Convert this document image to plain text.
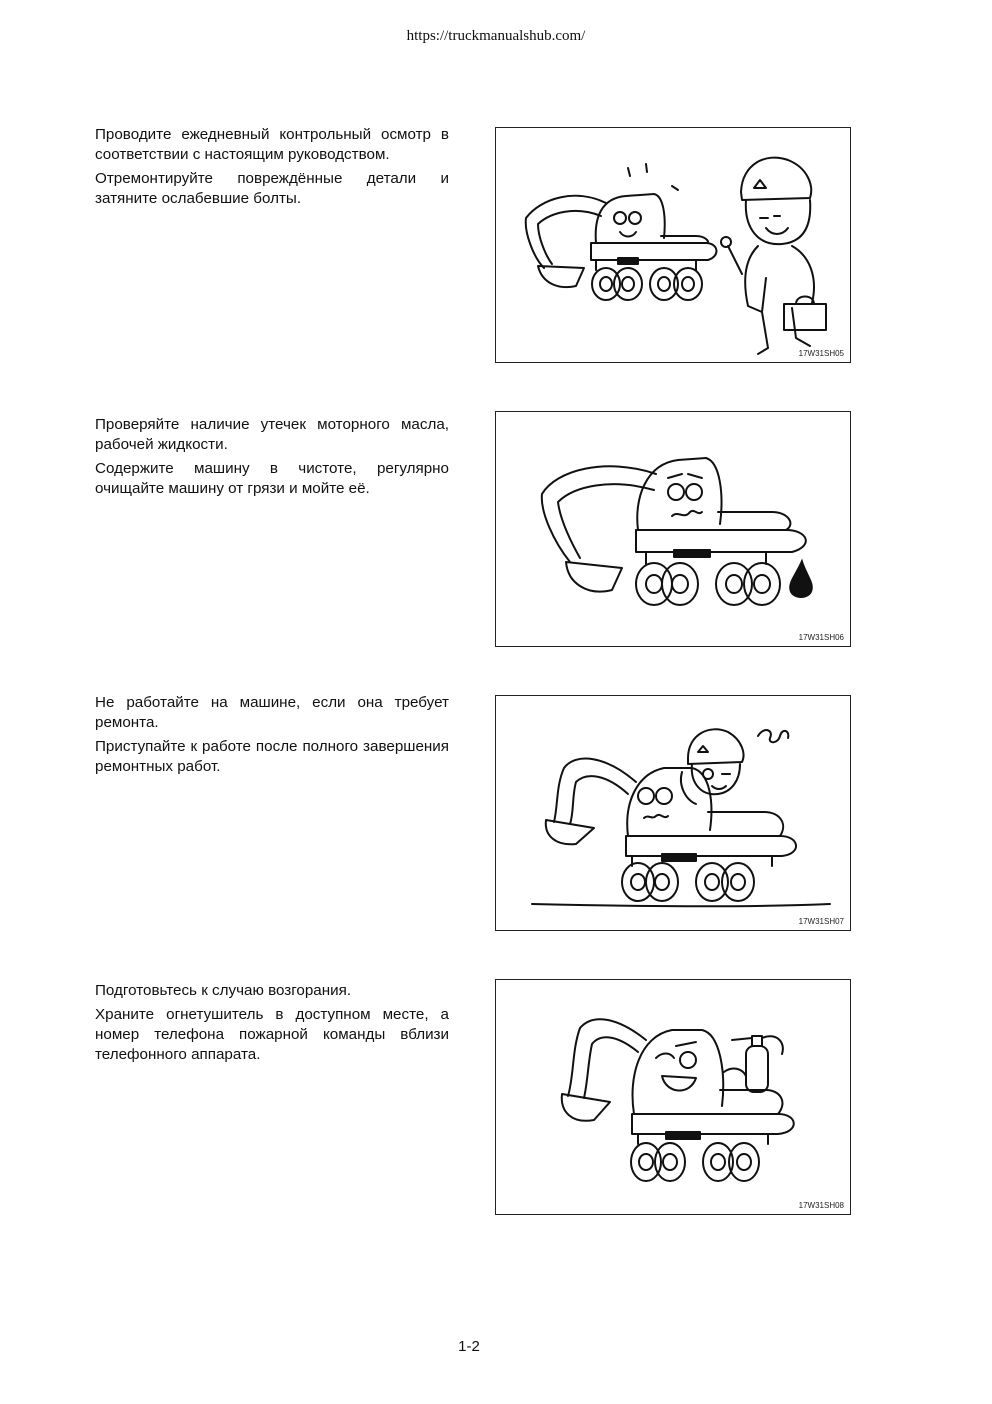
https://truckmanualshub.com/

Проводите ежедневный контрольный осмотр в соответствии с настоящим руководством.

Отремонтируйте повреждённые детали и затяните ослабевшие болты.

17W31SH05

Проверяйте наличие утечек моторного масла, рабочей жидкости.

Содержите машину в чистоте, регулярно очищайте машину от грязи и мойте её.

17W31SH06

Не работайте на машине, если она требует ремонта.

Приступайте к работе после полного завершения ремонтных работ.

17W31SH07

Подготовьтесь к случаю возгорания.

Храните огнетушитель в доступном месте, а номер телефона пожарной команды вблизи телефонного аппарата.

17W31SH08
1-2
